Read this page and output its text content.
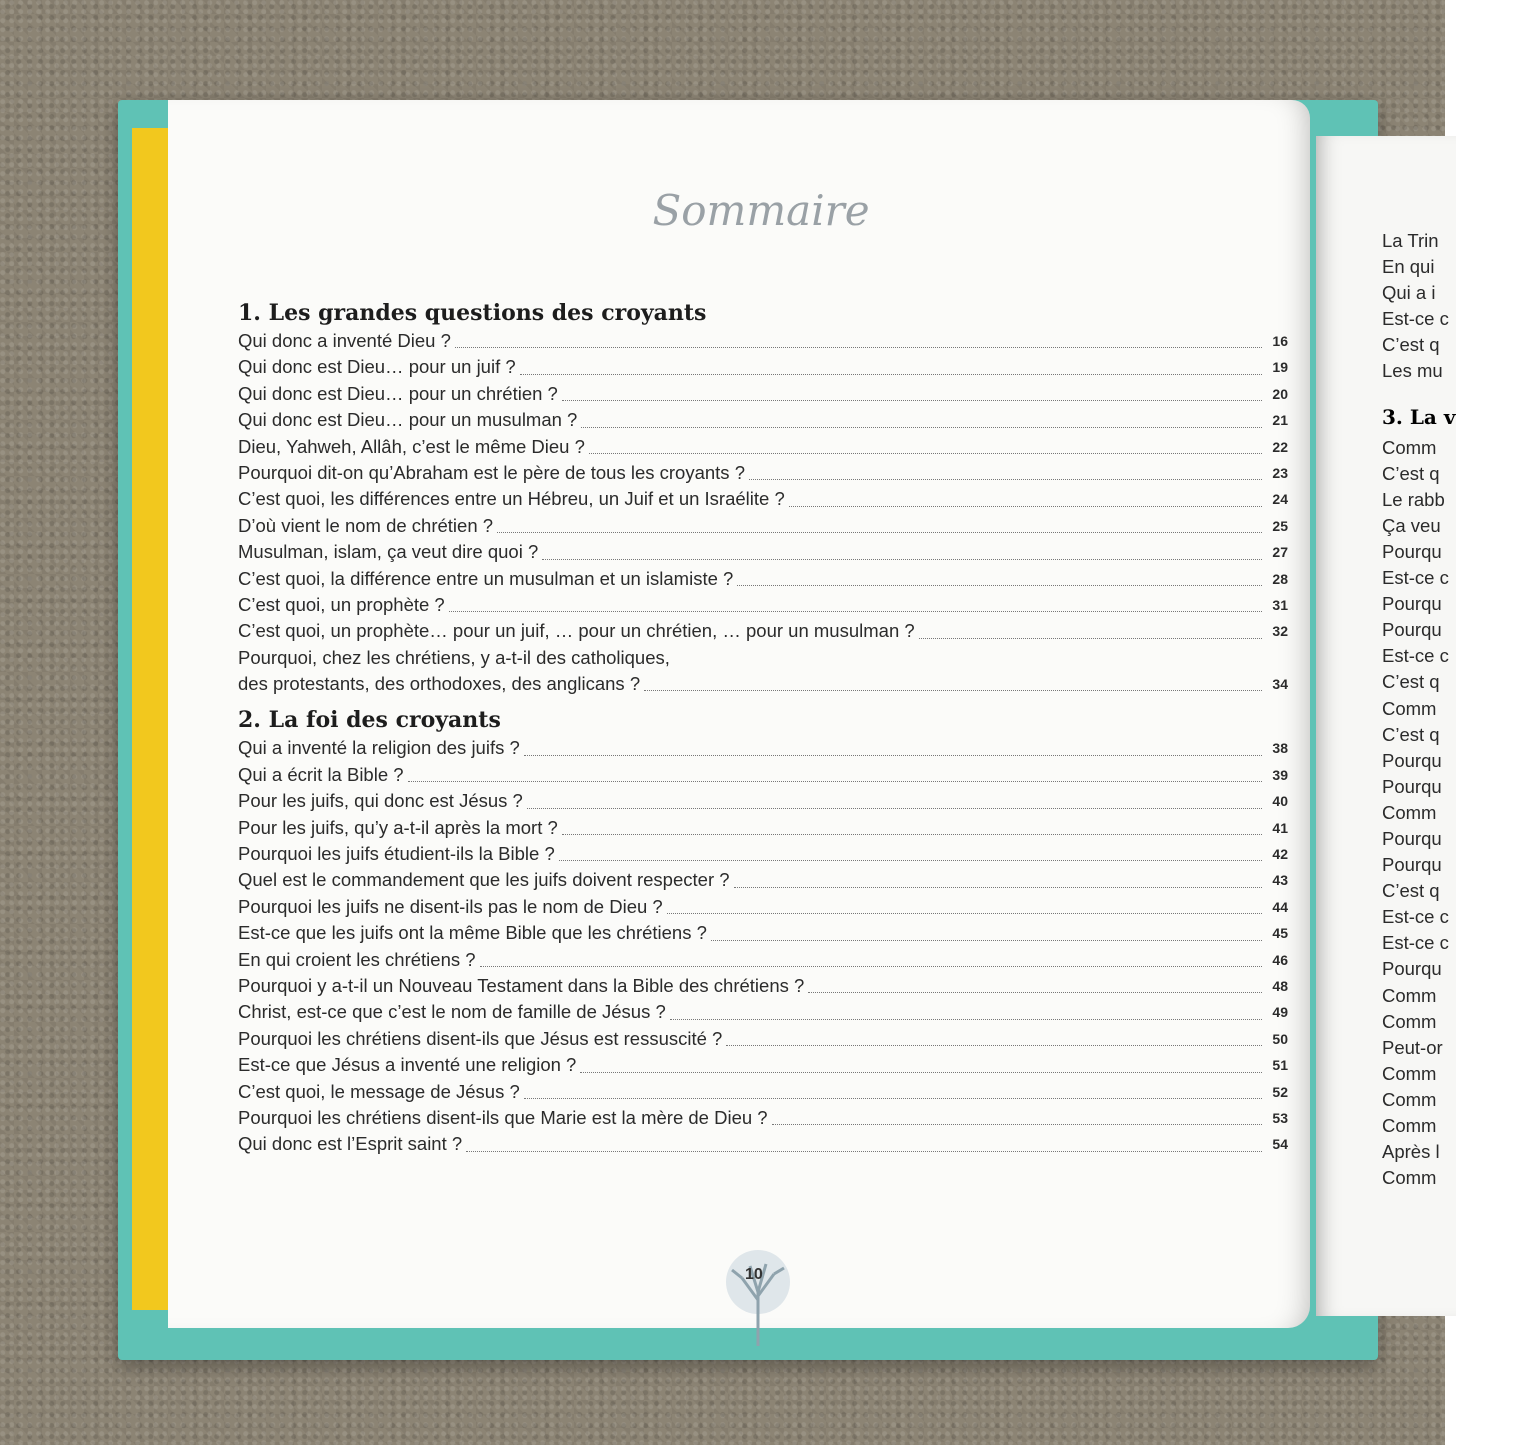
La Trin
En qui
Qui a i
Est-ce c
C’est q
Les mu
3. La v
Comm
C’est q
Le rabb
Ça veu
Pourqu
Est-ce c
Pourqu
Pourqu
Est-ce c
C’est q
Comm
C’est q
Pourqu
Pourqu
Comm
Pourqu
Pourqu
C’est q
Est-ce c
Est-ce c
Pourqu
Comm
Comm
Peut-or
Comm
Comm
Comm
Après l
Comm
Sommaire
1. Les grandes questions des croyants
Qui donc a inventé Dieu ?	16
Qui donc est Dieu… pour un juif ?	19
Qui donc est Dieu… pour un chrétien ?	20
Qui donc est Dieu… pour un musulman ?	21
Dieu, Yahweh, Allâh, c’est le même Dieu ?	22
Pourquoi dit-on qu’Abraham est le père de tous les croyants ?	23
C’est quoi, les différences entre un Hébreu, un Juif et un Israélite ?	24
D’où vient le nom de chrétien ?	25
Musulman, islam, ça veut dire quoi ?	27
C’est quoi, la différence entre un musulman et un islamiste ?	28
C’est quoi, un prophète ?	31
C’est quoi, un prophète… pour un juif, … pour un chrétien, … pour un musulman ?	32
Pourquoi, chez les chrétiens, y a-t-il des catholiques,
des protestants, des orthodoxes, des anglicans ?	34
2. La foi des croyants
Qui a inventé la religion des juifs ?	38
Qui a écrit la Bible ?	39
Pour les juifs, qui donc est Jésus ?	40
Pour les juifs, qu’y a-t-il après la mort ?	41
Pourquoi les juifs étudient-ils la Bible ?	42
Quel est le commandement que les juifs doivent respecter ?	43
Pourquoi les juifs ne disent-ils pas le nom de Dieu ?	44
Est-ce que les juifs ont la même Bible que les chrétiens ?	45
En qui croient les chrétiens ?	46
Pourquoi y a-t-il un Nouveau Testament dans la Bible des chrétiens ?	48
Christ, est-ce que c’est le nom de famille de Jésus ?	49
Pourquoi les chrétiens disent-ils que Jésus est ressuscité ?	50
Est-ce que Jésus a inventé une religion ?	51
C’est quoi, le message de Jésus ?	52
Pourquoi les chrétiens disent-ils que Marie est la mère de Dieu ?	53
Qui donc est l’Esprit saint ?	54
10
